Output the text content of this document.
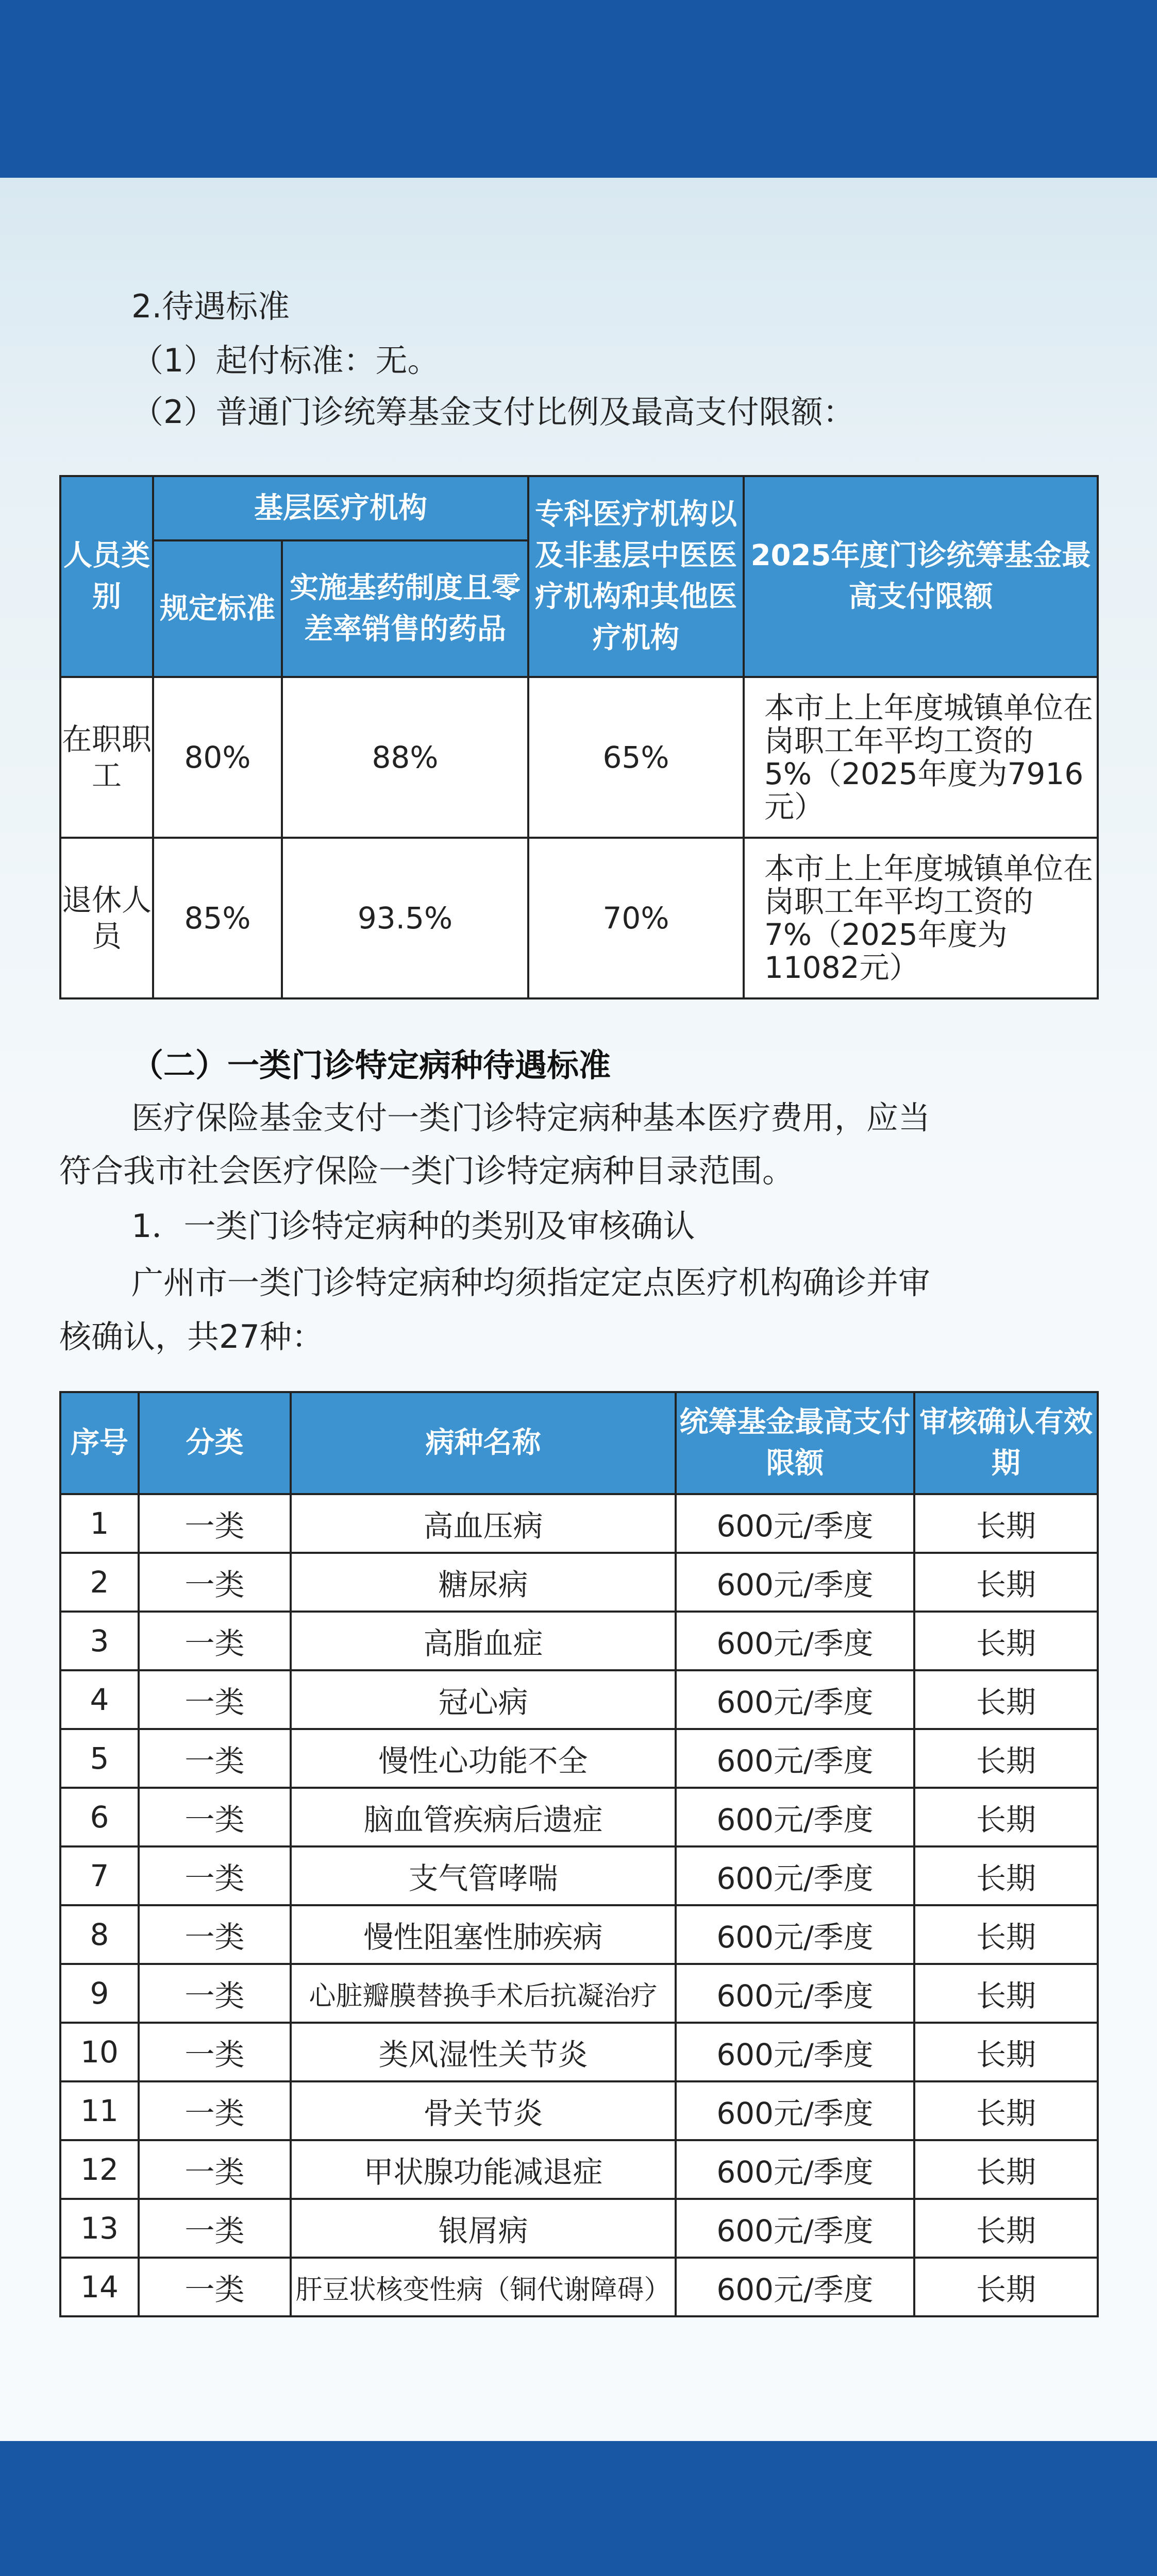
2.待遇标准
（1）起付标准：无。
（2）普通门诊统筹基金支付比例及最高支付限额：
人员类别	基层医疗机构		专科医疗机构以及非基层中医医疗机构和其他医疗机构	2025年度门诊统筹基金最高支付限额
	规定标准	实施基药制度且零差率销售的药品		
在职职工	80%	88%	65%	本市上上年度城镇单位在岗职工年平均工资的5%（2025年度为7916元）
退休人员	85%	93.5%	70%	本市上上年度城镇单位在岗职工年平均工资的7%（2025年度为11082元）
（二）一类门诊特定病种待遇标准
医疗保险基金支付一类门诊特定病种基本医疗费用，应当
符合我市社会医疗保险一类门诊特定病种目录范围。
1．一类门诊特定病种的类别及审核确认
广州市一类门诊特定病种均须指定定点医疗机构确诊并审
核确认，共27种：
序号	分类	病种名称	统筹基金最高支付限额	审核确认有效期
1	一类	高血压病	600元/季度	长期
2	一类	糖尿病	600元/季度	长期
3	一类	高脂血症	600元/季度	长期
4	一类	冠心病	600元/季度	长期
5	一类	慢性心功能不全	600元/季度	长期
6	一类	脑血管疾病后遗症	600元/季度	长期
7	一类	支气管哮喘	600元/季度	长期
8	一类	慢性阻塞性肺疾病	600元/季度	长期
9	一类	心脏瓣膜替换手术后抗凝治疗	600元/季度	长期
10	一类	类风湿性关节炎	600元/季度	长期
11	一类	骨关节炎	600元/季度	长期
12	一类	甲状腺功能减退症	600元/季度	长期
13	一类	银屑病	600元/季度	长期
14	一类	肝豆状核变性病（铜代谢障碍）	600元/季度	长期
